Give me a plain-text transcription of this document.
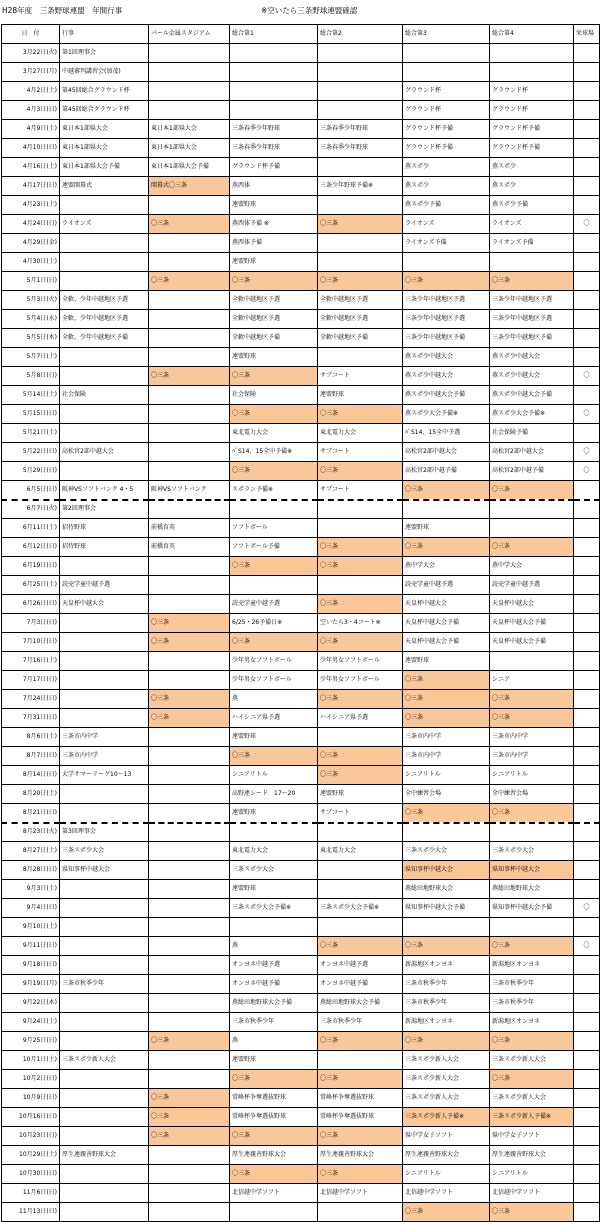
H28年度　三条野球連盟　年間行事	※空いたら三条野球連盟確認
日　付	行事	パール金属スタジアム	総合第1	総合第2	総合第3	総合第4	栄球場
3月22日(火)	第1回理事会						
3月27日(月)	中越審判講習会(加茂)						
4月2日(土)	第45回総合グラウンド杯				グラウンド杯	グラウンド杯	
4月3日(日)	第45回総合グラウンド杯				グラウンド杯	グラウンド杯	
4月9日(土)	東日本1部県大会	東日本1部県大会	三条春季少年野球	三条春季少年野球	グラウンド杯予備	グラウンド杯予備	
4月10日(日)	東日本1部県大会	東日本1部県大会	三条春季少年野球	三条春季少年野球	グラウンド杯予備	グラウンド杯予備	
4月16日(土)	東日本1部県大会予備	東日本1部県大会予備	グラウンド杯予備		燕スポ少	燕スポ少	
4月17日(日)	連盟開幕式	開幕式〇三条	燕西体	三条少年野球予備※	燕スポ少	燕スポ少	
4月23日(土)			連盟野球		燕スポ少予備	燕スポ少予備	
4月24日(日)	ライオンズ	〇三条	燕西体予備 ※	〇三条	ライオンズ	ライオンズ	〇
4月29日(金)			燕西体予備		ライオンズ予備	ライオンズ予備	
4月30日(土)			連盟野球				
5月1日(日)		〇三条	〇三条	〇三条	〇三条	〇三条	
5月3日(火)	全軟、少年中越地区予選		全軟中越地区予選	全軟中越地区予選	三条少年中越地区予選	三条少年中越地区予選	
5月4日(水)	全軟、少年中越地区予選		全軟中越地区予選	全軟中越地区予選	三条少年中越地区予選	三条少年中越地区予選	
5月5日(木)	全軟、少年中越地区予備		全軟中越地区予備	全軟中越地区予備	三条少年中越地区予備	三条少年中越地区予備	
5月7日(土)			連盟野球		燕スポ少中越大会	燕スポ少中越大会	
5月8日(日)		〇三条	〇三条	サブコート	燕スポ少中越大会	燕スポ少中越大会	〇
5月14日(土)	社会保険		社会保険	連盟野球	燕スポ少中越大会予備	燕スポ少中越大会予備	
5月15日(日)			〇三条	〇三条	燕スポ少大会予備※	燕スポ少大会予備※	〇
5月21日(土)			東北電力大会	東北電力大会	ﾊﾟS14、15全中予選	社会保険予備	
5月22日(日)	高松宮2部中越大会		ﾊﾟS14、15全中予備※	サブコート	高松宮2部中越大会	高松宮2部中越大会	〇
5月29日(日)			〇三条	〇三条	高松宮2部中越予備	高松宮2部中越予備	〇
6月5日(日)	阪神VSソフトバンク 4・5	阪神VSソフトバンク	スポラン予備※	サブコート	〇三条	〇三条	
6月7日(火)	第2回理事会						
6月11日(土)	招待野球	前橋育英	ソフトボール		連盟野球		
6月12日(日)	招待野球	前橋育英	ソフトボール予備	〇三条	〇三条	〇三条	
6月19日(日)			〇三条	〇三条	燕中学大会	燕中学大会	
6月25日(土)	読売学童中越予選				読売学童中越予選	読売学童中越予選	
6月26日(日)	天皇杯中越大会		読売学童中越予選	〇三条	天皇杯中越大会	天皇杯中越大会	
7月3日(日)		〇三条	6/25・26予備日※	空いたら3・4コート※	天皇杯中越大会予備	天皇杯中越大会予備	
7月10日(日)		〇三条	〇三条	〇三条	天皇杯中越大会予備	天皇杯中越大会予備	
7月16日(土)			少年男女ソフトボール	少年男女ソフトボール	連盟野球		
7月17日(日)			少年男女ソフトボール	少年男女ソフトボール	〇三条	シニア	
7月24日(日)		〇三条	燕	〇三条	〇三条	〇三条	
7月31日(日)		〇三条	ハイシニア県予選	ハイシニア県予選	〇三条	〇三条	
8月6日(土)	三条市内中学		連盟野球		三条市内中学	三条市内中学	
8月7日(日)	三条市内中学		〇三条	〇三条	三条市内中学	三条市内中学	
8月14日(日)	大学サマーリーグ10～13		シニアリトル	〇三条	シニアリトル	シニアリトル	
8月20日(土)			高野連シード　17～20	連盟野球	全中練習会場	全中練習会場	
8月21日(日)			連盟野球	サブコート	〇三条	〇三条	
8月23日(火)	第3回理事会						
8月27日(土)	三条スポ少大会		東北電力大会	東北電力大会	三条スポ少大会	三条スポ少大会	
8月28日(日)	県知事杯中越大会		三条スポ少大会		県知事杯中越大会	県知事杯中越大会	
9月3日(土)			連盟野球		燕総田地野球大会	燕総田地野球大会	
9月4日(日)			三条スポ少大会予備※	三条スポ少大会予備※	県知事杯中越大会予備	県知事杯中越大会予備	〇
9月10日(土)							
9月11日(日)			燕	〇三条	〇三条	〇三条	〇
9月18日(日)			オンヨネ中越予選	オンヨネ中越予選	新潟地区オンヨネ	新潟地区オンヨネ	
9月19日(月)	三条市秋季少年		オンヨネ中越予備	オンヨネ中越予備	三条市秋季少年	三条市秋季少年	
9月22日(木)			燕総田地野球大会予備	燕総田地野球大会予備	三条市秋季少年	三条市秋季少年	
9月24日(土)			三条市秋季少年	三条市秋季少年	新潟地区オンヨネ	新潟地区オンヨネ	
9月25日(日)		〇三条	燕	〇三条	〇三条	〇三条	
10月1日(土)	三条スポ少新人大会		連盟野球		三条スポ少新人大会	三条スポ少新人大会	
10月2日(日)			〇三条	〇三条	三条スポ少新人大会	〇三条	
10月9日(日)		〇三条	常峰杯争奪選抜野球	常峰杯争奪選抜野球	三条スポ少新人大会	三条スポ少新人大会	
10月16日(日)		〇三条	常峰杯争奪選抜野球	常峰杯争奪選抜野球	三条スポ少新人予備※	三条スポ少新人予備※	
10月23日(日)		〇三条	〇三条	〇三条	県中学女子ソフト	県中学女子ソフト	
10月29日(土)	厚生連親善野球大会		厚生連親善野球大会	厚生連親善野球大会	厚生連親善野球大会	厚生連親善野球大会	
10月30日(日)			〇三条	〇三条	シニアリトル	シニアリトル	
11月6日(日)			北信越中学ソフト	北信越中学ソフト	北信越中学ソフト	北信越中学ソフト	
11月13日(日)					〇三条	〇三条	
